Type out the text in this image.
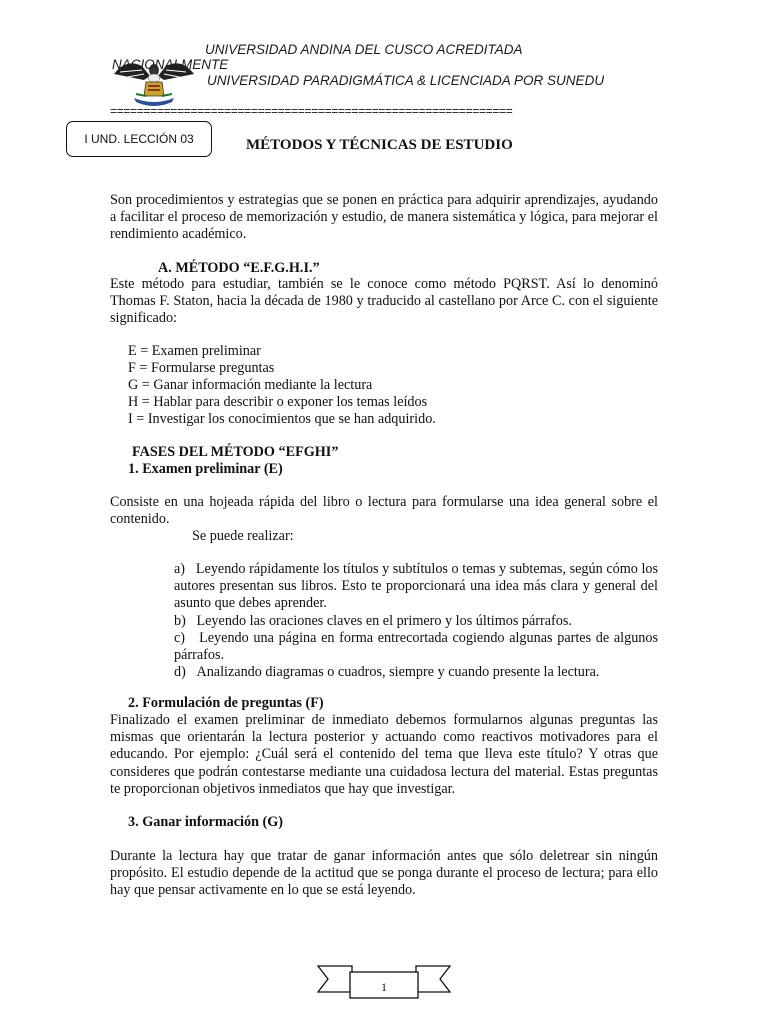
UNIVERSIDAD ANDINA DEL CUSCO ACREDITADA
NACIONALMENTE
UNIVERSIDAD PARADIGMÁTICA & LICENCIADA POR SUNEDU
============================================================
I UND. LECCIÓN 03	MÉTODOS Y TÉCNICAS DE ESTUDIO
Son procedimientos y estrategias que se ponen en práctica para adquirir aprendizajes, ayudando a facilitar el proceso de memorización y estudio, de manera sistemática y lógica, para mejorar el rendimiento académico.
A. MÉTODO “E.F.G.H.I.”
Este método para estudiar, también se le conoce como método PQRST. Así lo denominó Thomas F. Staton, hacia la década de 1980 y traducido al castellano por Arce C. con el siguiente significado:
E = Examen preliminar
F = Formularse preguntas
G = Ganar información mediante la lectura
H = Hablar para describir o exponer los temas leídos
I = Investigar los conocimientos que se han adquirido.
FASES DEL MÉTODO “EFGHI”
1. Examen preliminar (E)
Consiste en una hojeada rápida del libro o lectura para formularse una idea general sobre el contenido.
Se puede realizar:
a) Leyendo rápidamente los títulos y subtítulos o temas y subtemas, según cómo los autores presentan sus libros. Esto te proporcionará una idea más clara y general del asunto que debes aprender.
b) Leyendo las oraciones claves en el primero y los últimos párrafos.
c) Leyendo una página en forma entrecortada cogiendo algunas partes de algunos párrafos.
d) Analizando diagramas o cuadros, siempre y cuando presente la lectura.
2. Formulación de preguntas (F)
Finalizado el examen preliminar de inmediato debemos formularnos algunas preguntas las mismas que orientarán la lectura posterior y actuando como reactivos motivadores para el educando. Por ejemplo: ¿Cuál será el contenido del tema que lleva este título? Y otras que consideres que podrán contestarse mediante una cuidadosa lectura del material. Estas preguntas te proporcionan objetivos inmediatos que hay que investigar.
3. Ganar información (G)
Durante la lectura hay que tratar de ganar información antes que sólo deletrear sin ningún propósito. El estudio depende de la actitud que se ponga durante el proceso de lectura; para ello hay que pensar activamente en lo que se está leyendo.
1
